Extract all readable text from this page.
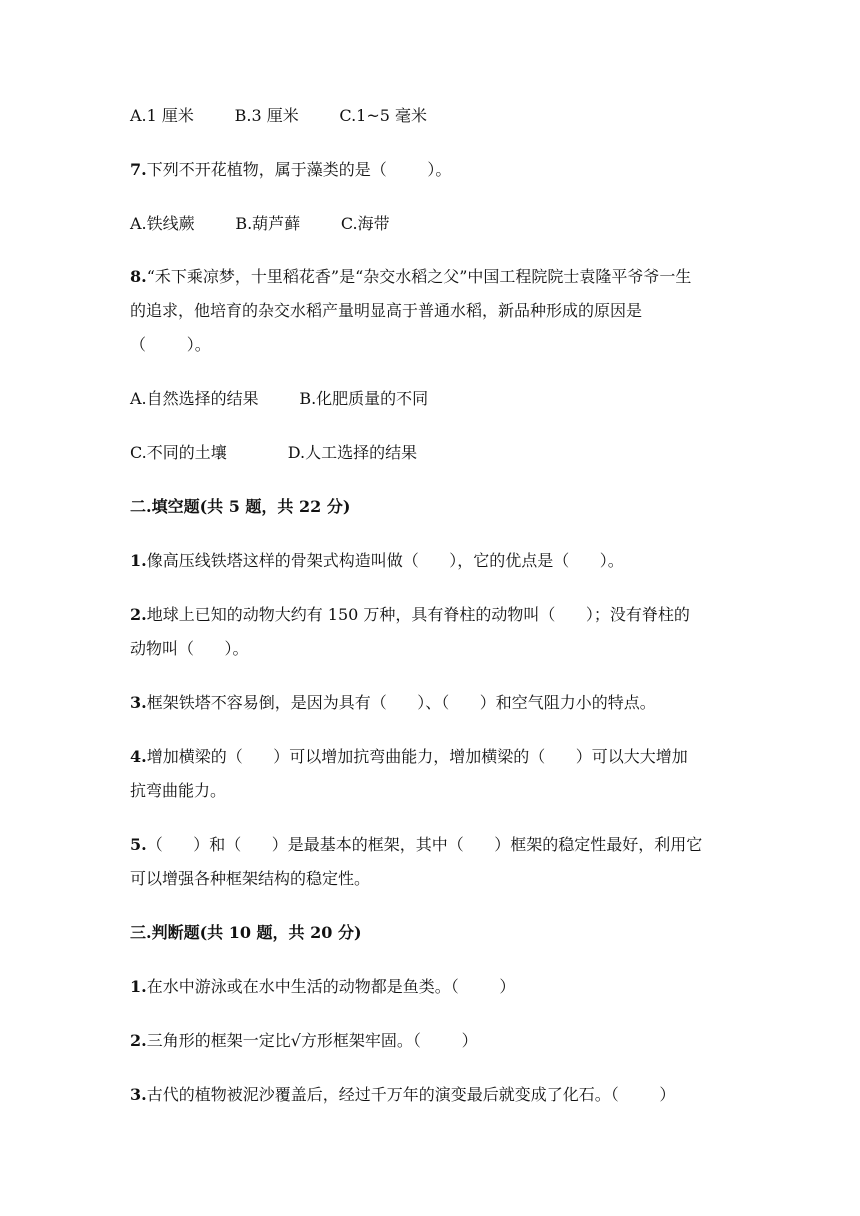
A.1 厘米        B.3 厘米        C.1~5 毫米

7.下列不开花植物，属于藻类的是（        ）。

A.铁线蕨        B.葫芦藓        C.海带

8.“禾下乘凉梦，十里稻花香”是“杂交水稻之父”中国工程院院士袁隆平爷爷一生

的追求，他培育的杂交水稻产量明显高于普通水稻，新品种形成的原因是

（        ）。

A.自然选择的结果        B.化肥质量的不同

C.不同的土壤            D.人工选择的结果

二.填空题(共 5 题，共 22 分)

1.像高压线铁塔这样的骨架式构造叫做（      ），它的优点是（      ）。

2.地球上已知的动物大约有 150 万种，具有脊柱的动物叫（      ）；没有脊柱的

动物叫（      ）。

3.框架铁塔不容易倒，是因为具有（      ）、（      ）和空气阻力小的特点。

4.增加横梁的（      ）可以增加抗弯曲能力，增加横梁的（      ）可以大大增加

抗弯曲能力。

5.（      ）和（      ）是最基本的框架，其中（      ）框架的稳定性最好，利用它

可以增强各种框架结构的稳定性。

三.判断题(共 10 题，共 20 分)

1.在水中游泳或在水中生活的动物都是鱼类。（        ）

2.三角形的框架一定比√方形框架牢固。（        ）

3.古代的植物被泥沙覆盖后，经过千万年的演变最后就变成了化石。（        ）
